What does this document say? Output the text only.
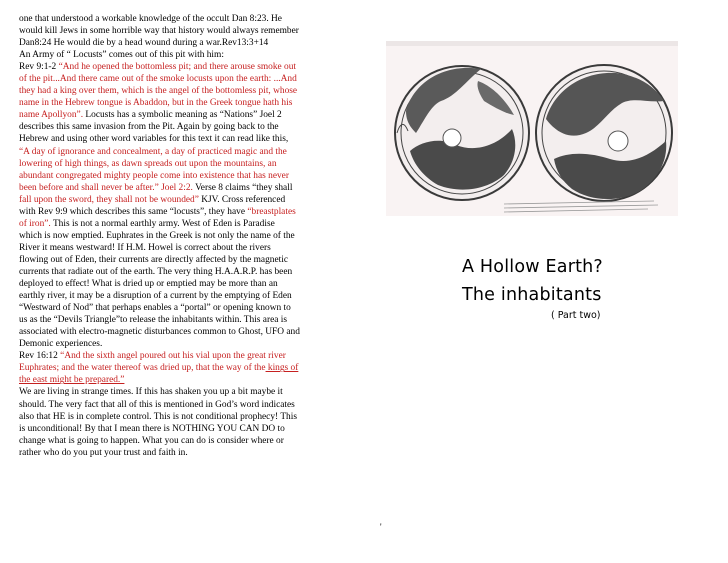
one that understood a workable knowledge of the occult Dan 8:23. He
would kill Jews in some horrible way that history would always remember
Dan8:24 He would die by a head wound during a war.Rev13:3+14
An Army of “ Locusts” comes out of this pit with him:
Rev 9:1-2 “And he opened the bottomless pit; and there arouse smoke out
of the pit...And there came out of the smoke locusts upon the earth: ...And
they had a king over them, which is the angel of the bottomless pit, whose
name in the Hebrew tongue is Abaddon, but in the Greek tongue hath his
name Apollyon”. Locusts has a symbolic meaning as “Nations” Joel 2
describes this same invasion from the Pit. Again by going back to the
Hebrew and using other word variables for this text it can read like this,
“A day of ignorance and concealment, a day of practiced magic and the
lowering of high things, as dawn spreads out upon the mountains, an
abundant congregated mighty people come into existence that has never
been before and shall never be after.” Joel 2:2. Verse 8 claims “they shall
fall upon the sword, they shall not be wounded” KJV. Cross referenced
with Rev 9:9 which describes this same “locusts”, they have “breastplates
of iron”. This is not a normal earthly army. West of Eden is Paradise
which is now emptied. Euphrates in the Greek is not only the name of the
River it means westward! If H.M. Howel is correct about the rivers
flowing out of Eden, their currents are directly affected by the magnetic
currents that radiate out of the earth. The very thing H.A.A.R.P. has been
deployed to effect! What is dried up or emptied may be more than an
earthly river, it may be a disruption of a current by the emptying of Eden
“Westward of Nod” that perhaps enables a “portal” or opening known to
us as the “Devils Triangle”to release the inhabitants within. This area is
associated with electro-magnetic disturbances common to Ghost, UFO and
Demonic experiences.
Rev 16:12 “And the sixth angel poured out his vial upon the great river
Euphrates; and the water thereof was dried up, that the way of the kings of
the east might be prepared.”
We are living in strange times. If this has shaken you up a bit maybe it
should. The very fact that all of this is mentioned in God’s word indicates
also that HE is in complete control. This is not conditional prophecy! This
is unconditional! By that I mean there is NOTHING YOU CAN DO to
change what is going to happen. What you can do is consider where or
rather who do you put your trust and faith in.
A Hollow Earth?
The inhabitants
( Part two)
'
